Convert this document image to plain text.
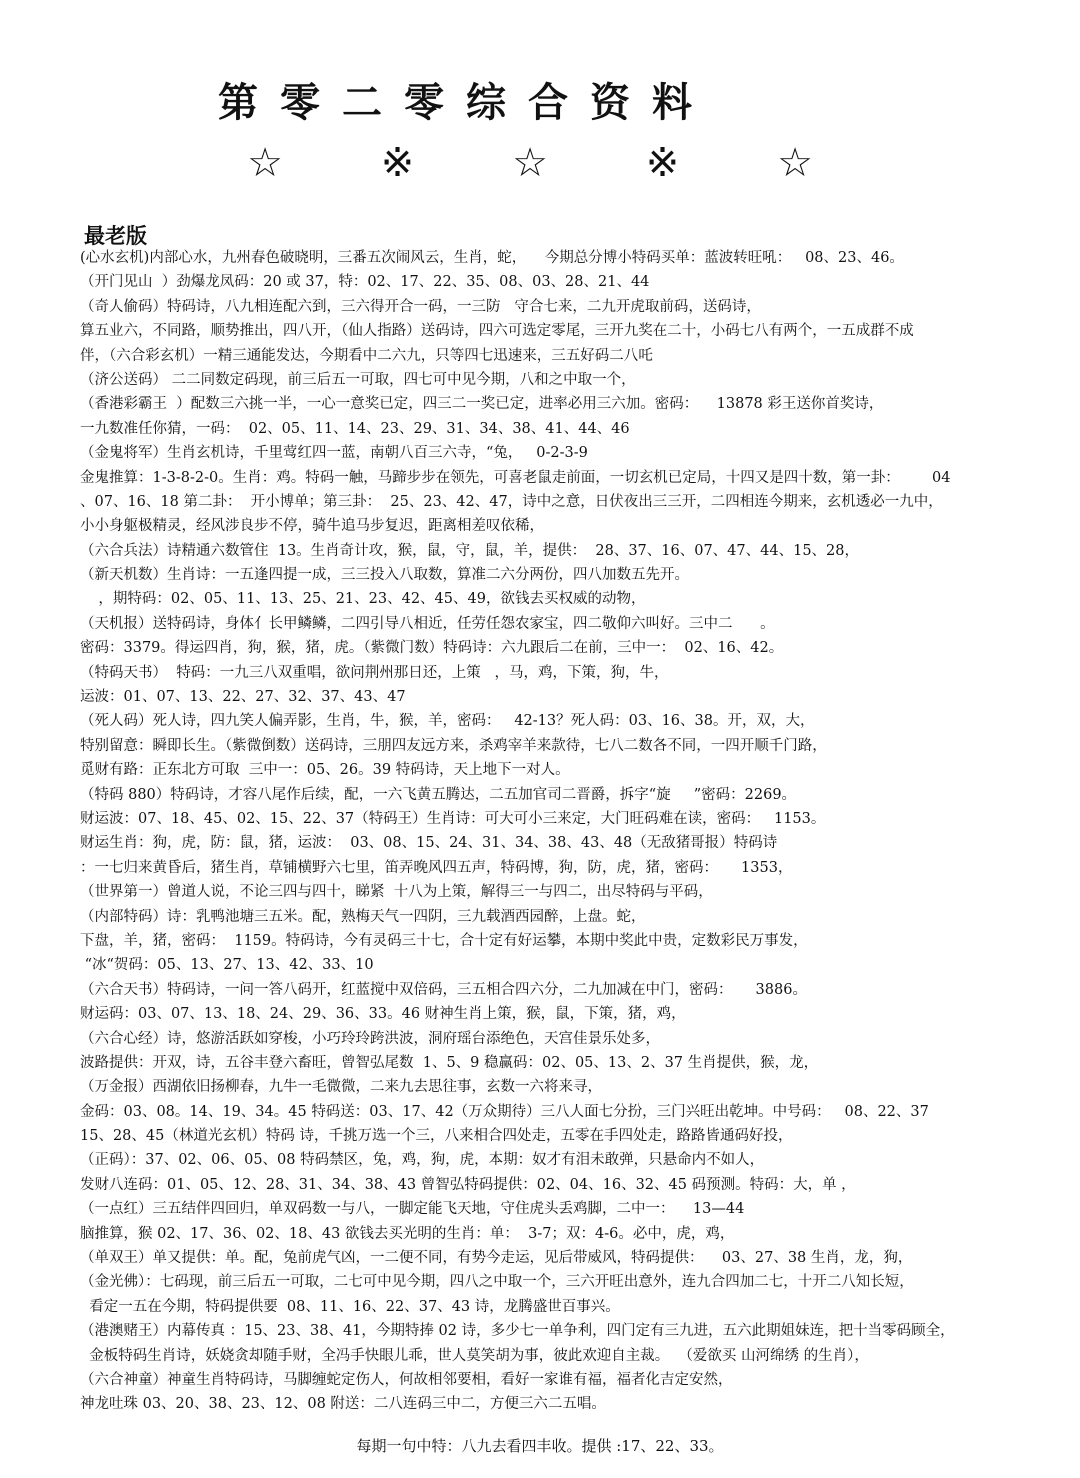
第零二零综合资料
☆ ※ ☆ ※ ☆
最老版
(心水玄机)内部心水，九州春色破晓明，三番五次闹风云，生肖，蛇，    今期总分博小特码买单：蓝波转旺吼：   08、23、46。
（开门见山  ）劲爆龙凤码：20 或 37，特：02、17、22、35、08、03、28、21、44
（奇人偷码）特码诗，八九相连配六到，三六得开合一码，一三防   守合七来，二九开虎取前码，送码诗，
算五业六，不同路，顺势推出，四八开，（仙人指路）送码诗，四六可选定零尾，三开九奖在二十，小码七八有两个，一五成群不成
伴，（六合彩玄机）一精三通能发达，今期看中二六九，只等四七迅速来，三五好码二八吒
（济公送码） 二二同数定码现，前三后五一可取，四七可中见今期，八和之中取一个，
（香港彩霸王  ）配数三六挑一半，一心一意奖已定，四三二一奖已定，进率必用三六加。密码：    13878 彩王送你首奖诗，
一九数准任你猜，一码：  02、05、11、14、23、29、31、34、38、41、44、46
（金鬼将军）生肖玄机诗，千里莺红四一蓝，南朝八百三六寺，“兔，   0-2-3-9
金鬼推算：1-3-8-2-0。生肖：鸡。特码一触，马蹄步步在领先，可喜老鼠走前面，一切玄机已定局，十四又是四十数，第一卦：       04
、07、16、18 第二卦：  开小博单；第三卦：  25、23、42、47，诗中之意，日伏夜出三三开，二四相连今期来，玄机透必一九中，
小小身躯极精灵，经风涉良步不停，骑牛追马步复迟，距离相差叹依稀，
（六合兵法）诗精通六数管住  13。生肖奇计攻，猴，鼠，守，鼠，羊，提供：  28、37、16、07、47、44、15、28，
（新天机数）生肖诗：一五逢四提一成，三三投入八取数，算准二六分两份，四八加数五先开。
，期特码：02、05、11、13、25、21、23、42、45、49，欲钱去买权威的动物，
（天机报）送特码诗，身体亻长甲鳞鳞，二四引导八相近，任劳任怨农家宝，四二敬仰六叫好。三中二      。
密码：3379。得运四肖，狗，猴，猪，虎。（紫微门数）特码诗：六九跟后二在前，三中一：  02、16、42。
（特码天书）  特码：一九三八双重唱，欲问荆州那日还，上策   ，马，鸡，下策，狗，牛，
运波：01、07、13、22、27、32、37、43、47
（死人码）死人诗，四九笑人偏弄影，生肖，牛，猴，羊，密码：   42-13？死人码：03、16、38。开，双，大，
特别留意：瞬即长生。（紫微倒数）送码诗，三朋四友远方来，杀鸡宰羊来款待，七八二数各不同，一四开顺千门路，
觅财有路：正东北方可取  三中一：05、26。39 特码诗，天上地下一对人。
（特码 880）特码诗，才容八尾作后续，配，一六飞黄五腾达，二五加官司二晋爵，拆字“旋     ”密码：2269。
财运波：07、18、45、02、15、22、37（特码王）生肖诗：可大可小三来定，大门旺码难在读，密码：   1153。
财运生肖：狗，虎，防：鼠，猪，运波：  03、08、15、24、31、34、38、43、48（无敌猪哥报）特码诗
：一七归来黄昏后，猪生肖，草铺横野六七里，笛弄晚风四五声，特码博，狗，防，虎，猪，密码：     1353，
（世界第一）曾道人说，不论三四与四十，睇紧  十八为上策，解得三一与四二，出尽特码与平码，
（内部特码）诗：乳鸭池塘三五米。配，熟梅天气一四阴，三九载酒西园醉，上盘。蛇，
下盘，羊，猪，密码：  1159。特码诗，今有灵码三十七，合十定有好运攀，本期中奖此中贵，定数彩民万事发，
“冰“贺码：05、13、27、13、42、33、10
（六合天书）特码诗，一问一答八码开，红蓝搅中双倍码，三五相合四六分，二九加减在中门，密码：     3886。
财运码：03、07、13、18、24、29、36、33。46 财神生肖上策，猴，鼠，下策，猪，鸡，
（六合心经）诗，悠游活跃如穿梭，小巧玲玲跨洪波，洞府瑶台添绝色，天宫佳景乐处多，
波路提供：开双，诗，五谷丰登六畜旺，曾智弘尾数  1、5、9 稳赢码：02、05、13、2、37 生肖提供，猴，龙，
（万金报）西湖依旧扬柳春，九牛一毛微微，二来九去思往事，玄数一六将来寻，
金码：03、08。14、19、34。45 特码送：03、17、42（万众期待）三八人面七分扮，三门兴旺出乾坤。中号码：   08、22、37
15、28、45（林道光玄机）特码 诗，千挑万选一个三，八来相合四处走，五零在手四处走，路路皆通码好投，
（正码）：37、02、06、05、08 特码禁区，兔，鸡，狗，虎，本期：奴才有泪未敢弹，只悬命内不如人，
发财八连码：01、05、12、28、31、34、38、43 曾智弘特码提供：02、04、16、32、45 码预测。特码：大，单 ，
（一点红）三五结伴四回归，单双码数一与八，一脚定能飞天地，守住虎头丢鸡脚，二中一：    13—44
脑推算，猴 02、17、36、02、18、43 欲钱去买光明的生肖：单：  3-7；双：4-6。必中，虎，鸡，
（单双王）单又提供：单。配，兔前虎气凶，一二便不同，有势今走运，见后带威风，特码提供：    03、27、38 生肖，龙，狗，
（金光佛）：七码现，前三后五一可取，二七可中见今期，四八之中取一个，三六开旺出意外，连九合四加二七，十开二八知长短，
看定一五在今期，特码提供要  08、11、16、22、37、43 诗，龙腾盛世百事兴。
（港澳赌王）内幕传真 ：15、23、38、41，今期特捧 02 诗，多少七一单争利，四门定有三九进，五六此期姐妹连，把十当零码顾全，
金板特码生肖诗，妖娆贪却随手财，全冯手快眼儿乖，世人莫笑胡为事，彼此欢迎自主裁。  （爱欲买 山河绵绣 的生肖），
（六合神童）神童生肖特码诗，马脚缠蛇定伤人，何故相邻要相，看好一家谁有福，福者化吉定安然，
神龙吐珠 03、20、38、23、12、08 附送：二八连码三中二，方便三六二五唱。
每期一句中特：八九去看四丰收。提供 :17、22、33。
